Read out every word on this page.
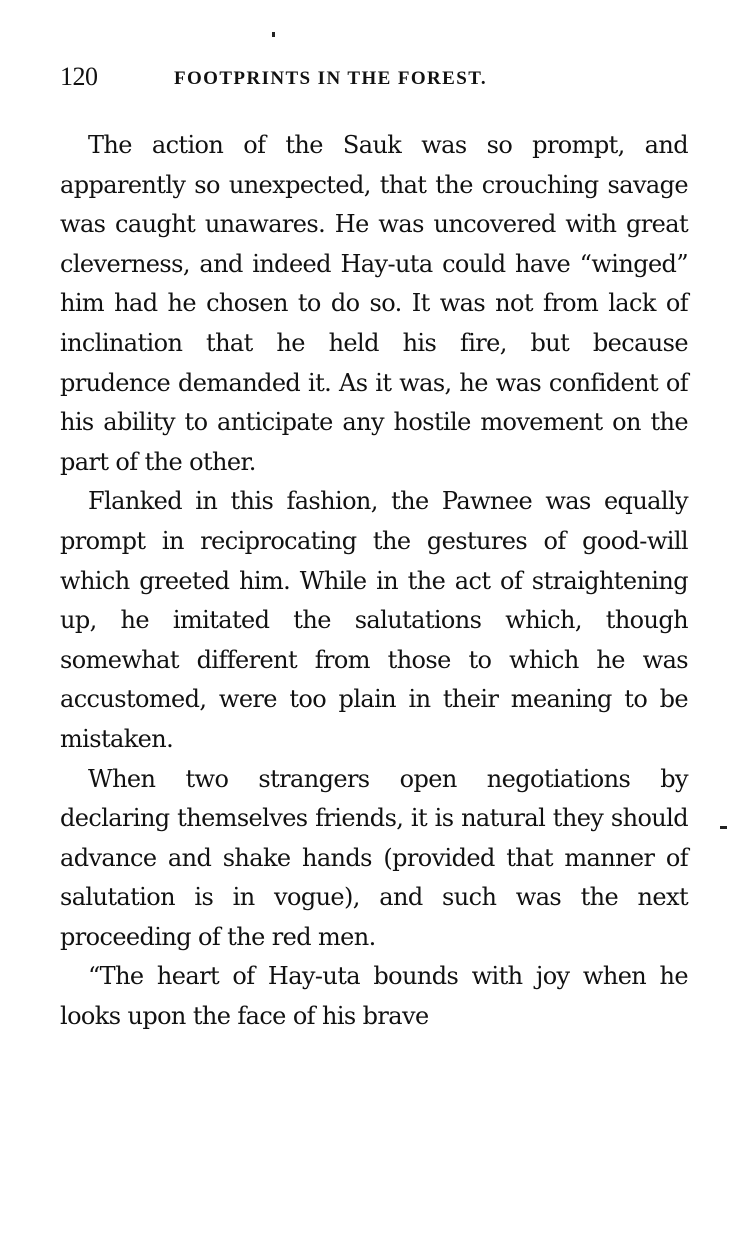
120	FOOTPRINTS IN THE FOREST.

The action of the Sauk was so prompt, and apparently so unexpected, that the crouching savage was caught unawares. He was uncovered with great cleverness, and indeed Hay-uta could have “winged” him had he chosen to do so. It was not from lack of inclination that he held his fire, but because prudence demanded it. As it was, he was confident of his ability to anticipate any hostile movement on the part of the other.

Flanked in this fashion, the Pawnee was equally prompt in reciprocating the gestures of good-will which greeted him. While in the act of straightening up, he imitated the salutations which, though somewhat different from those to which he was accustomed, were too plain in their meaning to be mistaken.

When two strangers open negotiations by declaring themselves friends, it is natural they should advance and shake hands (provided that manner of salutation is in vogue), and such was the next proceeding of the red men.

“The heart of Hay-uta bounds with joy when he looks upon the face of his brave
